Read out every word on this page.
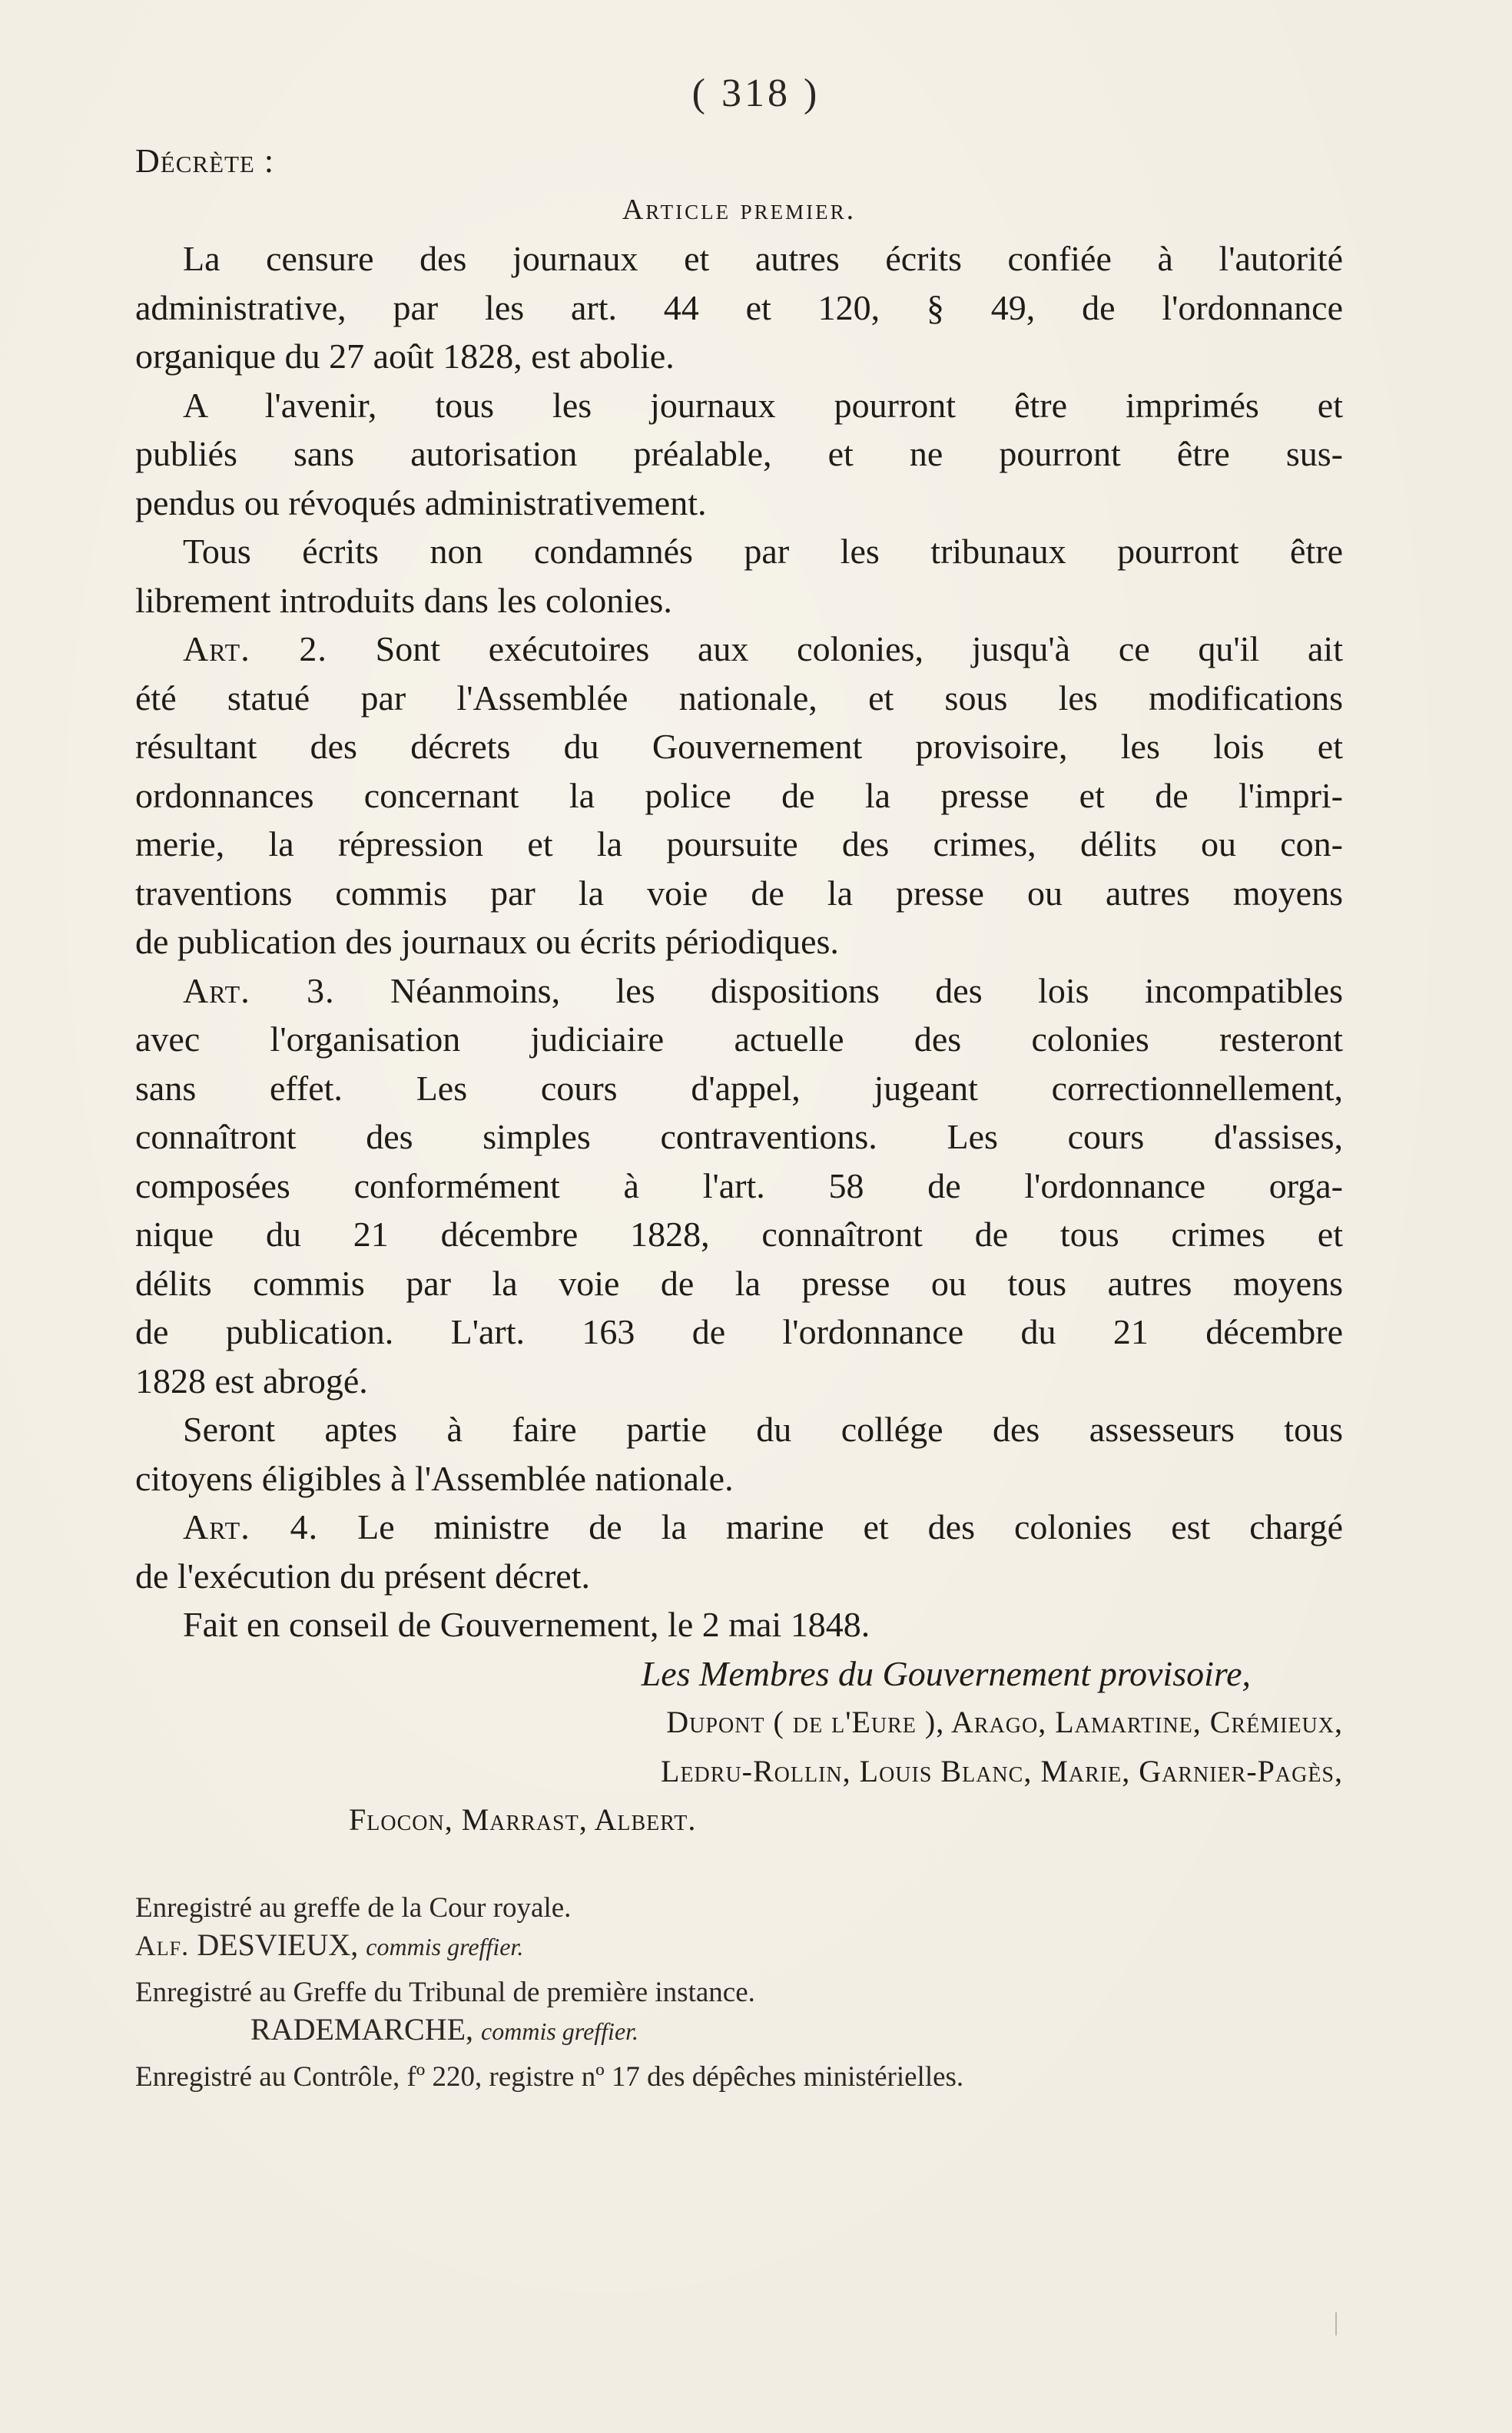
( 318 )
Décrète :
Article premier.
La censure des journaux et autres écrits confiée à l'autorité
administrative, par les art. 44 et 120, § 49, de l'ordonnance
organique du 27 août 1828, est abolie.
A l'avenir, tous les journaux pourront être imprimés et
publiés sans autorisation préalable, et ne pourront être sus-
pendus ou révoqués administrativement.
Tous écrits non condamnés par les tribunaux pourront être
librement introduits dans les colonies.
Art. 2. Sont exécutoires aux colonies, jusqu'à ce qu'il ait
été statué par l'Assemblée nationale, et sous les modifications
résultant des décrets du Gouvernement provisoire, les lois et
ordonnances concernant la police de la presse et de l'impri-
merie, la répression et la poursuite des crimes, délits ou con-
traventions commis par la voie de la presse ou autres moyens
de publication des journaux ou écrits périodiques.
Art. 3. Néanmoins, les dispositions des lois incompatibles
avec l'organisation judiciaire actuelle des colonies resteront
sans effet. Les cours d'appel, jugeant correctionnellement,
connaîtront des simples contraventions. Les cours d'assises,
composées conformément à l'art. 58 de l'ordonnance orga-
nique du 21 décembre 1828, connaîtront de tous crimes et
délits commis par la voie de la presse ou tous autres moyens
de publication. L'art. 163 de l'ordonnance du 21 décembre
1828 est abrogé.
Seront aptes à faire partie du collége des assesseurs tous
citoyens éligibles à l'Assemblée nationale.
Art. 4. Le ministre de la marine et des colonies est chargé
de l'exécution du présent décret.
Fait en conseil de Gouvernement, le 2 mai 1848.
Les Membres du Gouvernement provisoire,
Dupont ( de l'Eure ), Arago, Lamartine, Crémieux,
Ledru-Rollin, Louis Blanc, Marie, Garnier-Pagès,
Flocon, Marrast, Albert.
Enregistré au greffe de la Cour royale.
Alf. DESVIEUX, commis greffier.
Enregistré au Greffe du Tribunal de première instance.
RADEMARCHE, commis greffier.
Enregistré au Contrôle, fº 220, registre nº 17 des dépêches ministérielles.
